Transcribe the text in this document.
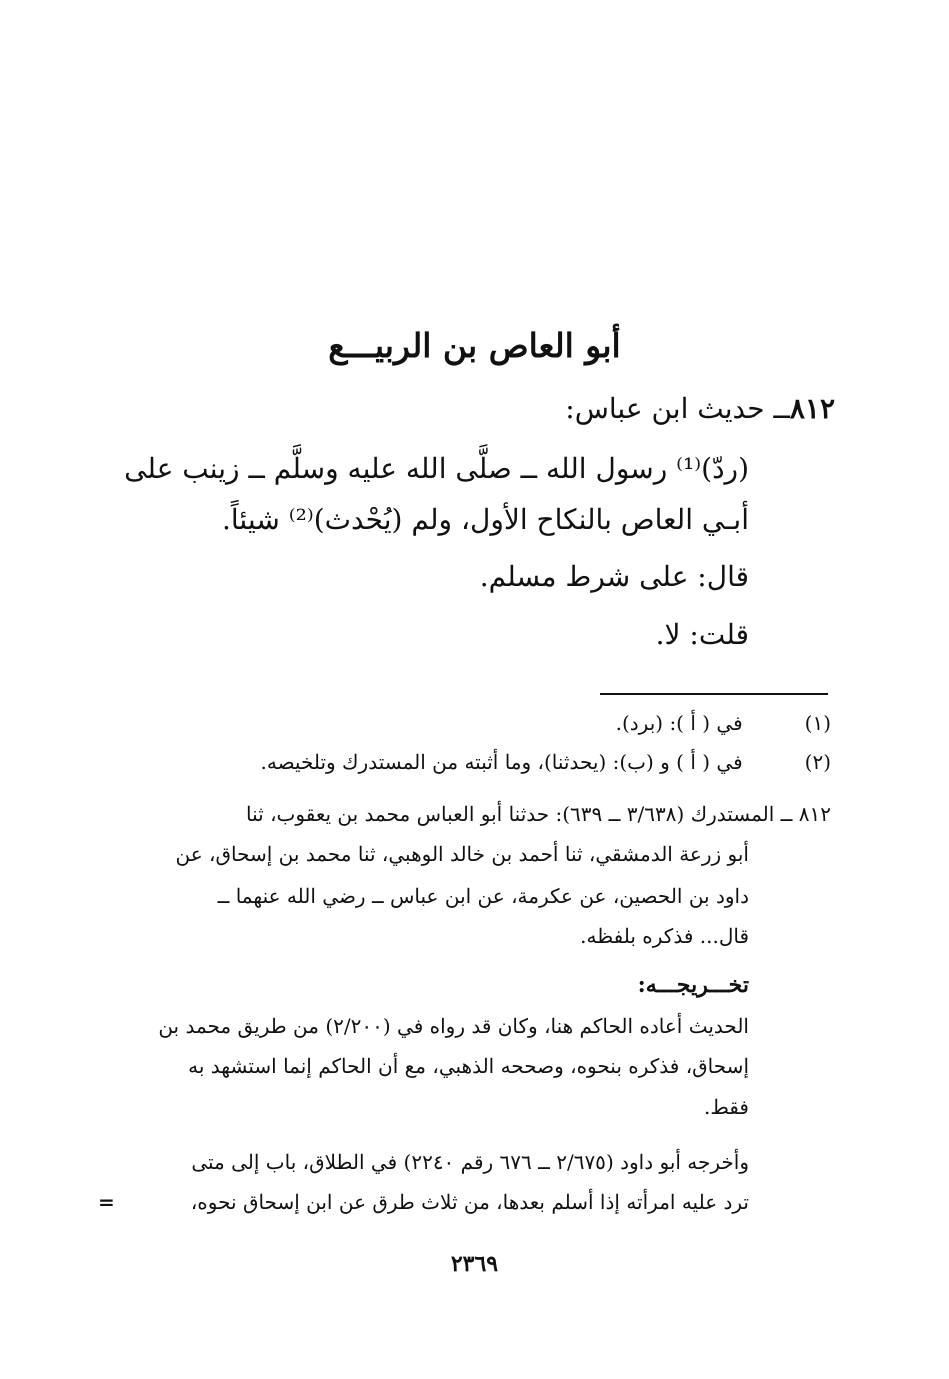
أبو العاص بن الربيـــع
٨١٢ــ حديث ابن عباس:
(ردّ)⁽¹⁾ رسول الله ــ صلَّى الله عليه وسلَّم ــ زينب على
أبـي العاص بالنكاح الأول، ولم (يُحْدث)⁽²⁾ شيئاً.
قال: على شرط مسلم.
قلت: لا.
(١) في ( أ ): (برد).
(٢) في ( أ ) و (ب): (يحدثنا)، وما أثبته من المستدرك وتلخيصه.
٨١٢ ــ المستدرك (٣/٦٣٨ ــ ٦٣٩): حدثنا أبو العباس محمد بن يعقوب، ثنا
أبو زرعة الدمشقي، ثنا أحمد بن خالد الوهبي، ثنا محمد بن إسحاق، عن
داود بن الحصين، عن عكرمة، عن ابن عباس ــ رضي الله عنهما ــ
قال... فذكره بلفظه.
تخـــريجـــه:
الحديث أعاده الحاكم هنا، وكان قد رواه في (٢/٢٠٠) من طريق محمد بن
إسحاق، فذكره بنحوه، وصححه الذهبي، مع أن الحاكم إنما استشهد به
فقط.
وأخرجه أبو داود (٢/٦٧٥ ــ ٦٧٦ رقم ٢٢٤٠) في الطلاق، باب إلى متى
ترد عليه امرأته إذا أسلم بعدها، من ثلاث طرق عن ابن إسحاق نحوه،
=
٢٣٦٩
